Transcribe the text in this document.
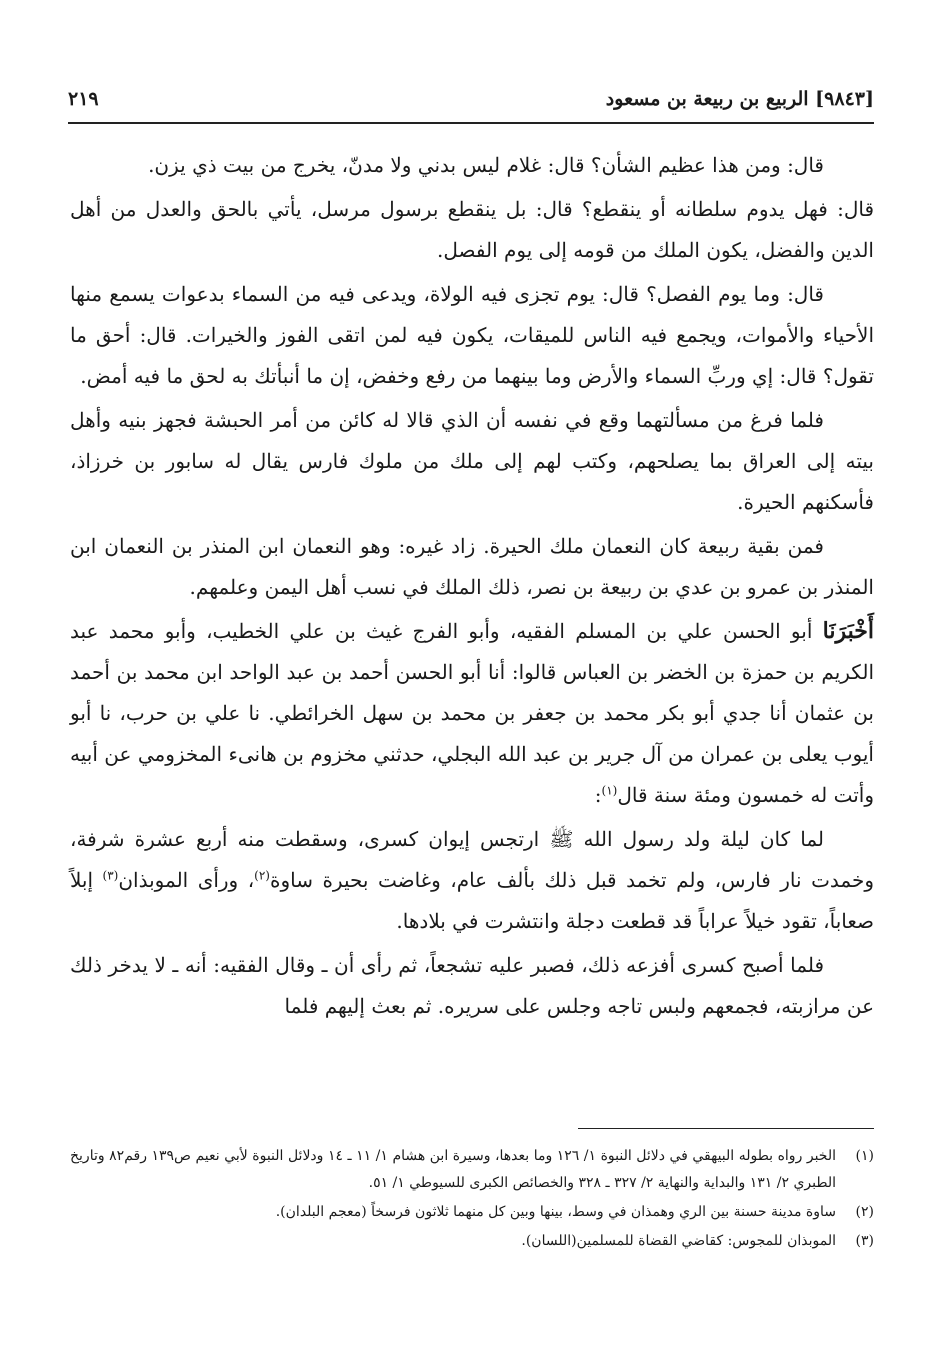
[٩٨٤٣] الربيع بن ربيعة بن مسعود
٢١٩

قال: ومن هذا عظيم الشأن؟ قال: غلام ليس بدني ولا مدنّ، يخرج من بيت ذي يزن.

قال: فهل يدوم سلطانه أو ينقطع؟ قال: بل ينقطع برسول مرسل، يأتي بالحق والعدل من أهل الدين والفضل، يكون الملك من قومه إلى يوم الفصل.

قال: وما يوم الفصل؟ قال: يوم تجزى فيه الولاة، ويدعى فيه من السماء بدعوات يسمع منها الأحياء والأموات، ويجمع فيه الناس للميقات، يكون فيه لمن اتقى الفوز والخيرات. قال: أحق ما تقول؟ قال: إي وربِّ السماء والأرض وما بينهما من رفع وخفض، إن ما أنبأتك به لحق ما فيه أمض.

فلما فرغ من مسألتهما وقع في نفسه أن الذي قالا له كائن من أمر الحبشة فجهز بنيه وأهل بيته إلى العراق بما يصلحهم، وكتب لهم إلى ملك من ملوك فارس يقال له سابور بن خرزاذ، فأسكنهم الحيرة.

فمن بقية ربيعة كان النعمان ملك الحيرة. زاد غيره: وهو النعمان ابن المنذر بن النعمان ابن المنذر بن عمرو بن عدي بن ربيعة بن نصر، ذلك الملك في نسب أهل اليمن وعلمهم.

أَخْبَرَنَا أبو الحسن علي بن المسلم الفقيه، وأبو الفرج غيث بن علي الخطيب، وأبو محمد عبد الكريم بن حمزة بن الخضر بن العباس قالوا: أنا أبو الحسن أحمد بن عبد الواحد ابن محمد بن أحمد بن عثمان أنا جدي أبو بكر محمد بن جعفر بن محمد بن سهل الخرائطي. نا علي بن حرب، نا أبو أيوب يعلى بن عمران من آل جرير بن عبد الله البجلي، حدثني مخزوم بن هانىء المخزومي عن أبيه وأتت له خمسون ومئة سنة قال$^{(١)}$:

لما كان ليلة ولد رسول الله ﷺ ارتجس إيوان كسرى، وسقطت منه أربع عشرة شرفة، وخمدت نار فارس، ولم تخمد قبل ذلك بألف عام، وغاضت بحيرة ساوة$^{(٢)}$، ورأى الموبذان$^{(٣)}$ إبلاً صعاباً، تقود خيلاً عراباً قد قطعت دجلة وانتشرت في بلادها.

فلما أصبح كسرى أفزعه ذلك، فصبر عليه تشجعاً، ثم رأى أن ـ وقال الفقيه: أنه ـ لا يدخر ذلك عن مرازبته، فجمعهم ولبس تاجه وجلس على سريره. ثم بعث إليهم فلما

(١)
الخبر رواه بطوله البيهقي في دلائل النبوة ١/ ١٢٦ وما بعدها، وسيرة ابن هشام ١/ ١١ ـ ١٤ ودلائل النبوة لأبي نعيم ص١٣٩ رقم٨٢ وتاريخ الطبري ٢/ ١٣١ والبداية والنهاية ٢/ ٣٢٧ ـ ٣٢٨ والخصائص الكبرى للسيوطي ١/ ٥١.
(٢)
ساوة مدينة حسنة بين الري وهمذان في وسط، بينها وبين كل منهما ثلاثون فرسخاً (معجم البلدان).
(٣)
الموبذان للمجوس: كقاضي القضاة للمسلمين(اللسان).
